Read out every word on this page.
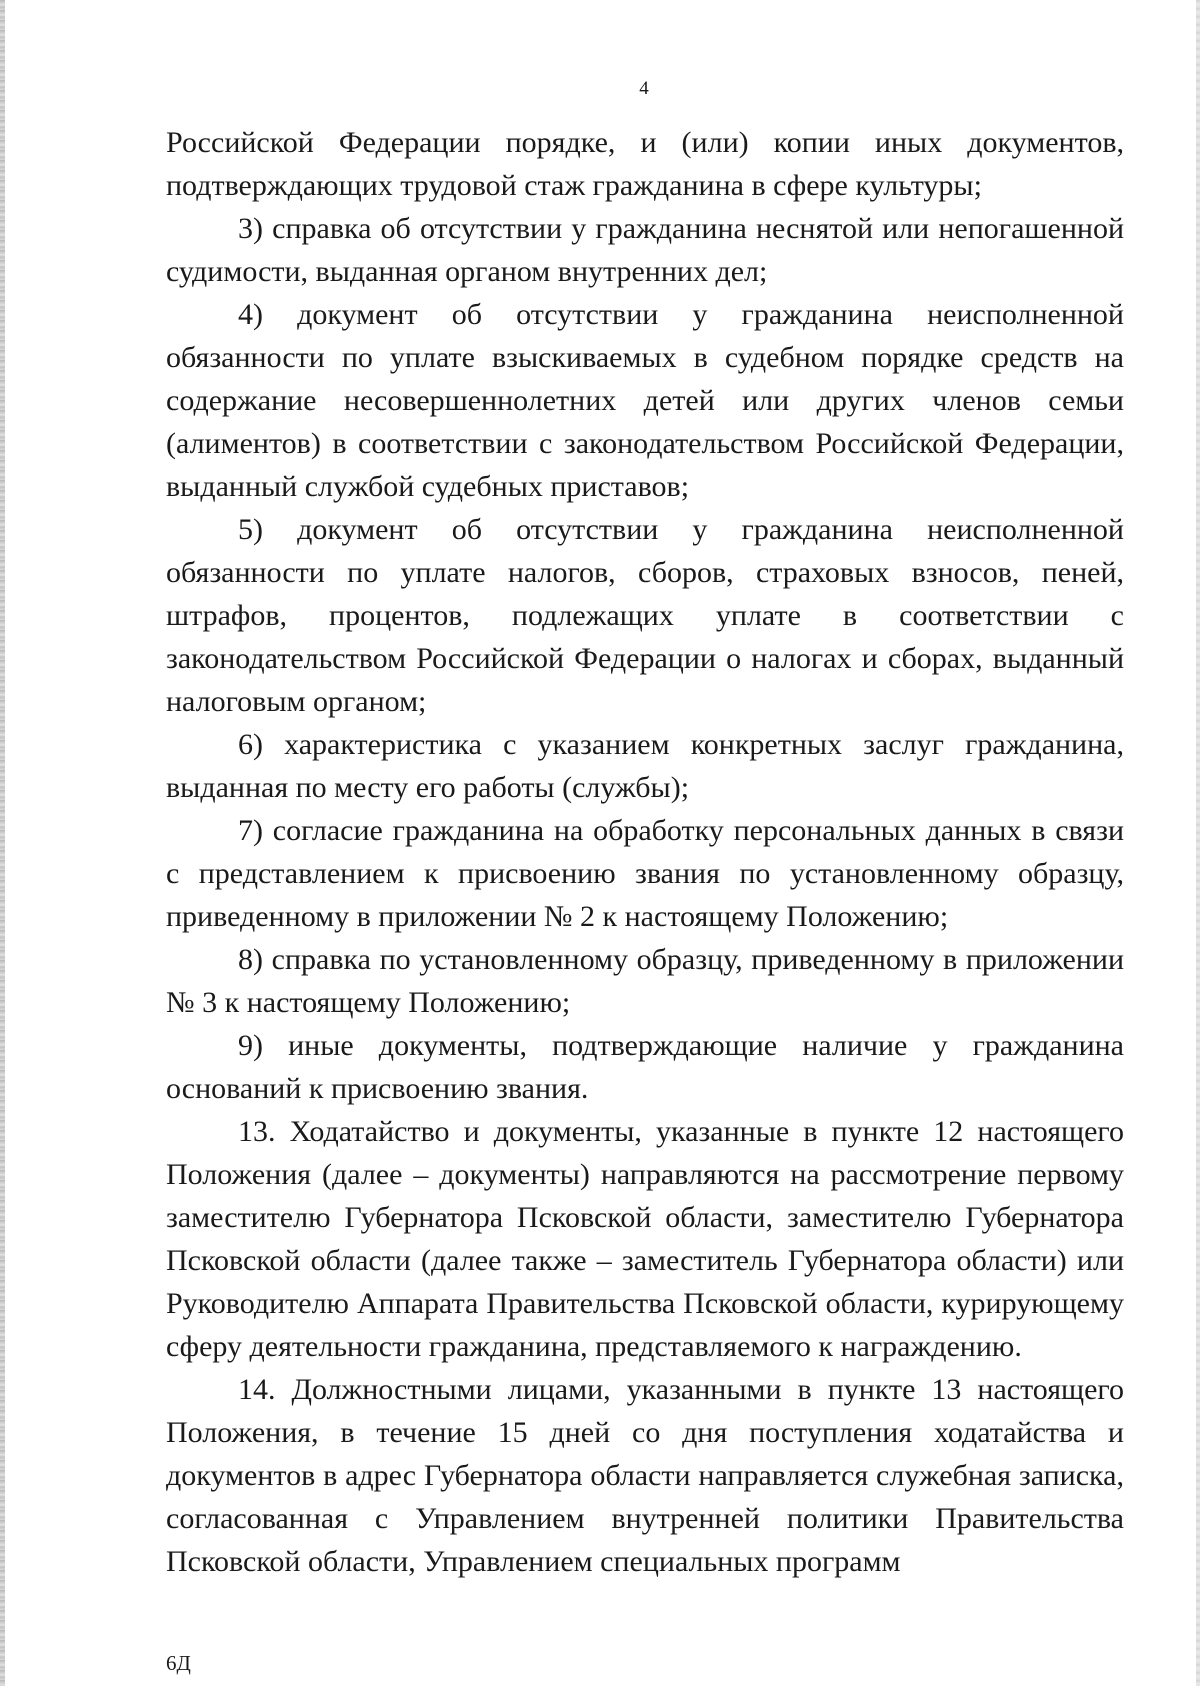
4

Российской Федерации порядке, и (или) копии иных документов, подтверждающих трудовой стаж гражданина в сфере культуры;

3) справка об отсутствии у гражданина неснятой или непогашенной судимости, выданная органом внутренних дел;

4) документ об отсутствии у гражданина неисполненной обязанности по уплате взыскиваемых в судебном порядке средств на содержание несовершеннолетних детей или других членов семьи (алиментов) в соответствии с законодательством Российской Федерации, выданный службой судебных приставов;

5) документ об отсутствии у гражданина неисполненной обязанности по уплате налогов, сборов, страховых взносов, пеней, штрафов, процентов, подлежащих уплате в соответствии с законодательством Российской Федерации о налогах и сборах, выданный налоговым органом;

6) характеристика с указанием конкретных заслуг гражданина, выданная по месту его работы (службы);

7) согласие гражданина на обработку персональных данных в связи с представлением к присвоению звания по установленному образцу, приведенному в приложении № 2 к настоящему Положению;

8) справка по установленному образцу, приведенному в приложении № 3 к настоящему Положению;

9) иные документы, подтверждающие наличие у гражданина оснований к присвоению звания.

13. Ходатайство и документы, указанные в пункте 12 настоящего Положения (далее – документы) направляются на рассмотрение первому заместителю Губернатора Псковской области, заместителю Губернатора Псковской области (далее также – заместитель Губернатора области) или Руководителю Аппарата Правительства Псковской области, курирующему сферу деятельности гражданина, представляемого к награждению.

14. Должностными лицами, указанными в пункте 13 настоящего Положения, в течение 15 дней со дня поступления ходатайства и документов в адрес Губернатора области направляется служебная записка, согласованная с Управлением внутренней политики Правительства Псковской области, Управлением специальных программ

6Д
